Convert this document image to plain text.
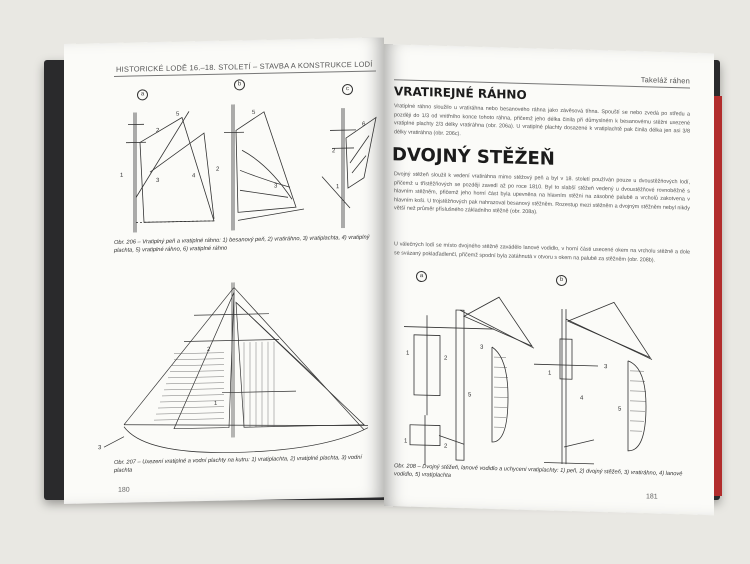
HISTORICKÉ LODĚ 16.–18. STOLETÍ – STAVBA A KONSTRUKCE LODÍ
a
b
c
2
5
1
3
4
5
2
3
2
6
1
Obr. 206 – Vratiplný peň a vratiplné ráhno: 1) besanový peň, 2) vratiráhno, 3) vratiplachta, 4) vratiplný plachta, 5) vratiplné ráhno, 6) vratiplné ráhno
2
1
3
Obr. 207 – Uxezení vratiplné a vodní plachty na kutru: 1) vratiplachta, 2) vratiplné plachta, 3) vodní plachta
180
Takeláž ráhen
VRATIREJNÉ RÁHNO
Vratiplné ráhno sloužilo u vratiráhna nebo besanového ráhna jako závěsová tíhna. Spouští se nebo zvedá po středu a později do 1/3 od vnitřního konce tohoto ráhna, přičemž jeho délka činila při důmyslném k besanovému stěžni uxezené vratiplné plachty 2/3 délky vratiráhna (obr. 206a). U vratiplné plachty dosazené k vratiplachtě pak činila délka jen asi 3/8 délky vratiráhna (obr. 206c).
DVOJNÝ STĚŽEŇ
Dvojný stěžeň sloužil k vedení vratiráhna mimo stěžový peň a byl v 18. století používán pouze u dvoustěžňových lodí, přičemž u třístěžňových se později zavedl až po roce 1810. Byl to slabší stěžeň vedený u dvoustěžňové rovnoběžně s hlavním stěžněm, přičemž jeho horní část byla upevněna na hlavním stěžni na zásobné palubě a vrcholů zakotvena v hlavním koši. U trojstěžňových pak nahrazoval besanový stěžněm. Rozestup mezi stěžněm a dvojným stěžněm nebyl nikdy větší než průměr příslušného základního stěžně (obr. 208a).
U válečných lodí se místo dvojného stěžně zavádělo lanové vodidlo, v horní části usecené okem na vrcholu stěžně a dole se svázaný poklaďadlenčí, přičemž spodní byla zatáhnutá v otvoru s okem na palubě za stěžněm (obr. 208b).
a
b
1
2
3
5
1
2
1
4
3
5
Obr. 208 – Dvojný stěžeň, lanové vodidlo a uchycení vratiplachty: 1) peň, 2) dvojný stěžeň, 3) vratiráhno, 4) lanové vodidlo, 5) vratiplachta
181
